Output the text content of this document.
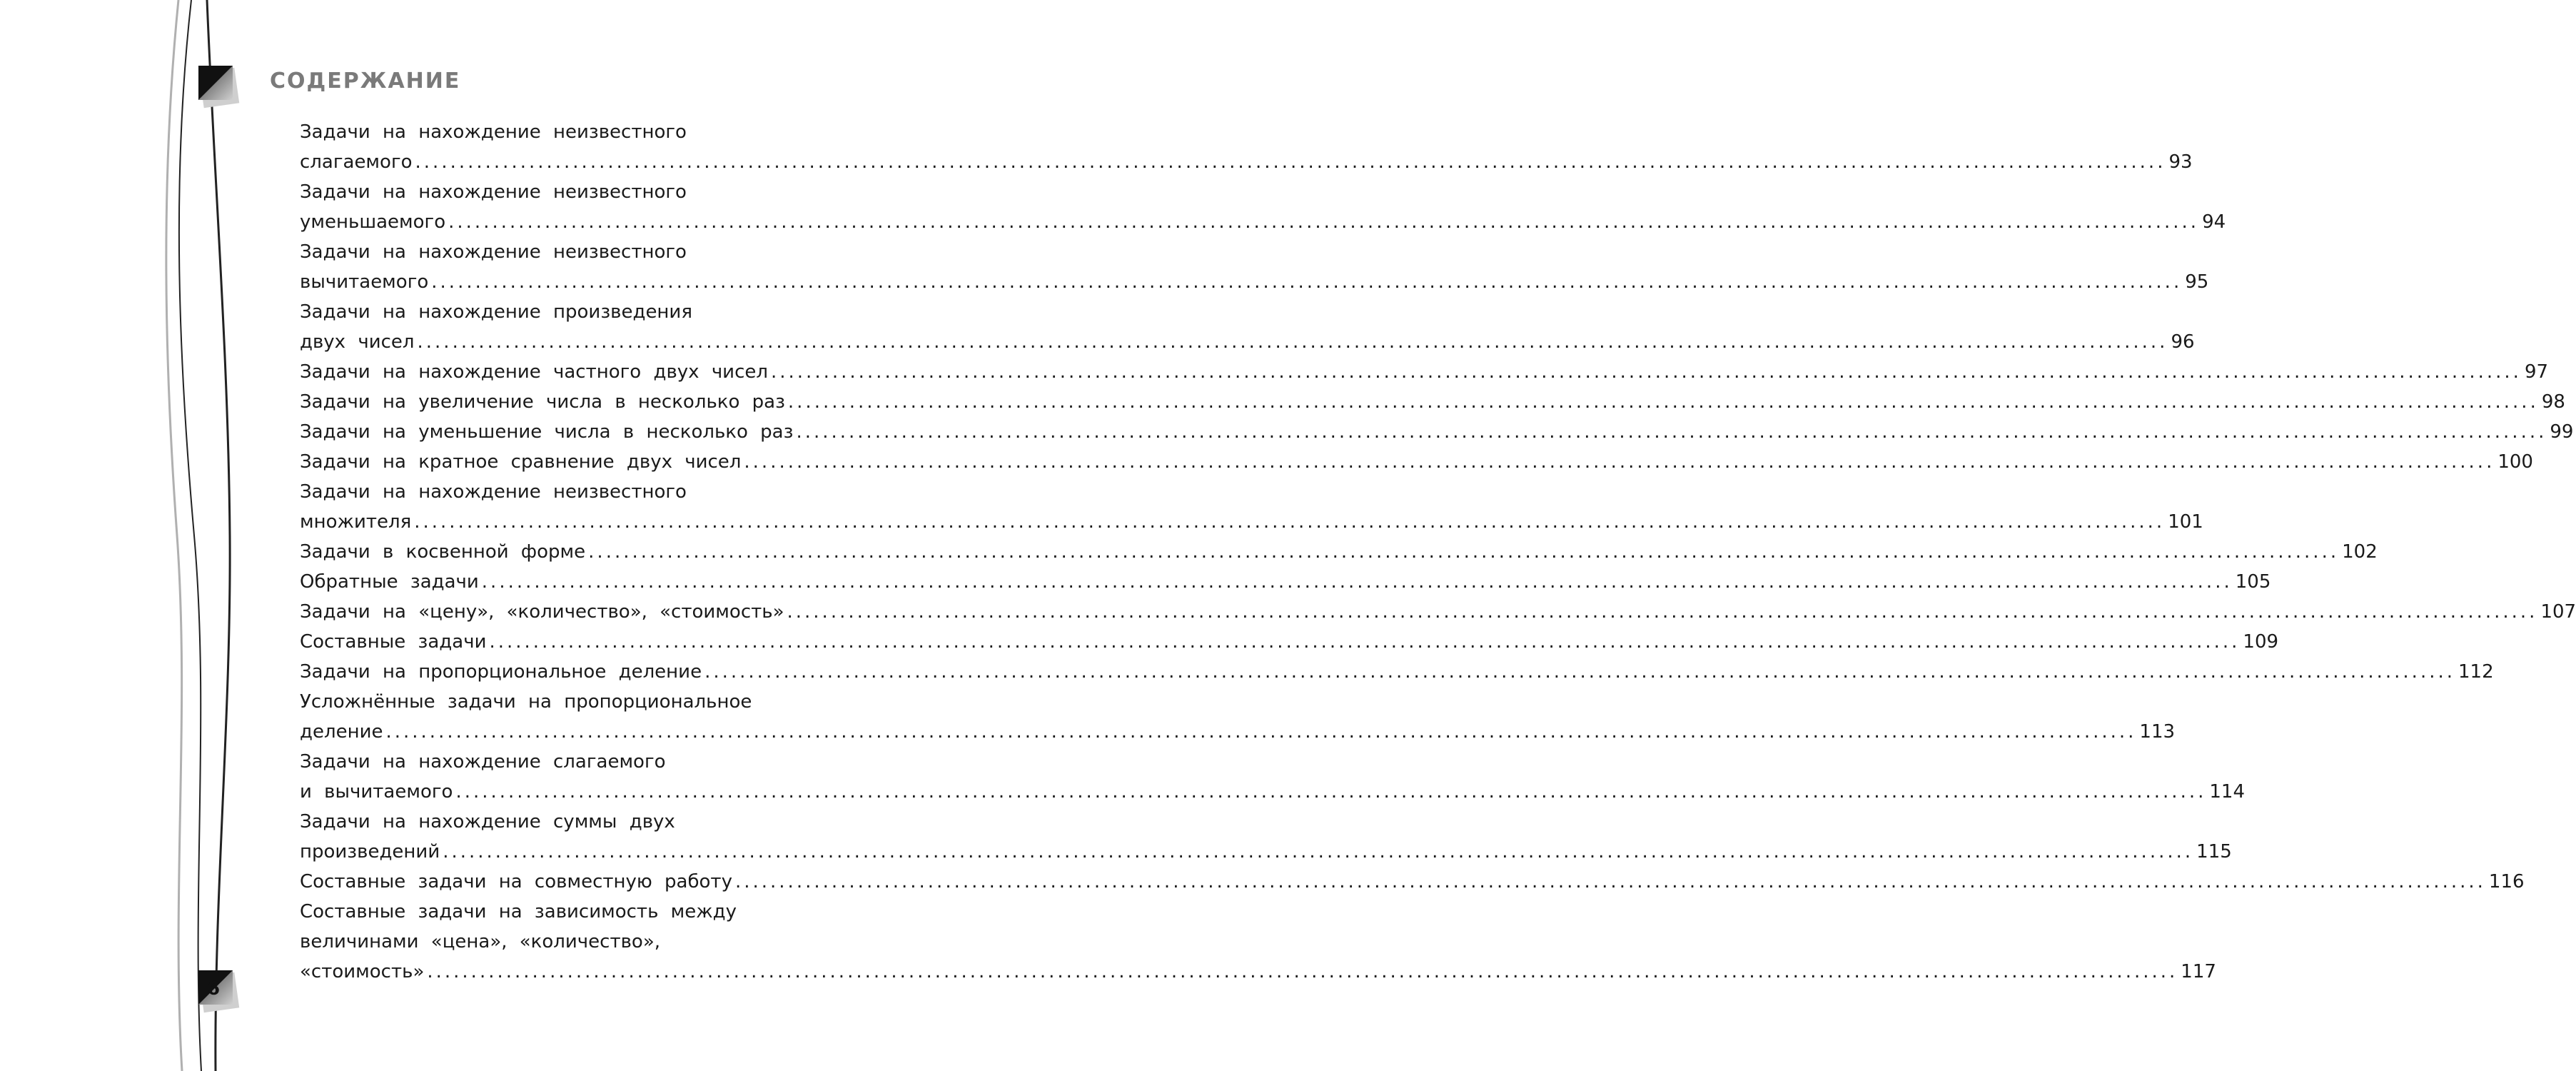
СОДЕРЖАНИЕ
Задачи на нахождение неизвестного
слагаемого ........................................................................................................................................................................................................ 93
Задачи на нахождение неизвестного
уменьшаемого ........................................................................................................................................................................................................ 94
Задачи на нахождение неизвестного
вычитаемого ........................................................................................................................................................................................................ 95
Задачи на нахождение произведения
двух чисел ........................................................................................................................................................................................................ 96
Задачи на нахождение частного двух чисел ........................................................................................................................................................................................................ 97
Задачи на увеличение числа в несколько раз ........................................................................................................................................................................................................ 98
Задачи на уменьшение числа в несколько раз ........................................................................................................................................................................................................ 99
Задачи на кратное сравнение двух чисел ........................................................................................................................................................................................................ 100
Задачи на нахождение неизвестного
множителя ........................................................................................................................................................................................................ 101
Задачи в косвенной форме ........................................................................................................................................................................................................ 102
Обратные задачи ........................................................................................................................................................................................................ 105
Задачи на «цену», «количество», «стоимость» ........................................................................................................................................................................................................ 107
Составные задачи ........................................................................................................................................................................................................ 109
Задачи на пропорциональное деление ........................................................................................................................................................................................................ 112
Усложнённые задачи на пропорциональное
деление ........................................................................................................................................................................................................ 113
Задачи на нахождение слагаемого
и вычитаемого ........................................................................................................................................................................................................ 114
Задачи на нахождение суммы двух
произведений ........................................................................................................................................................................................................ 115
Составные задачи на совместную работу ........................................................................................................................................................................................................ 116
Составные задачи на зависимость между
величинами «цена», «количество»,
«стоимость» ........................................................................................................................................................................................................ 117
6
